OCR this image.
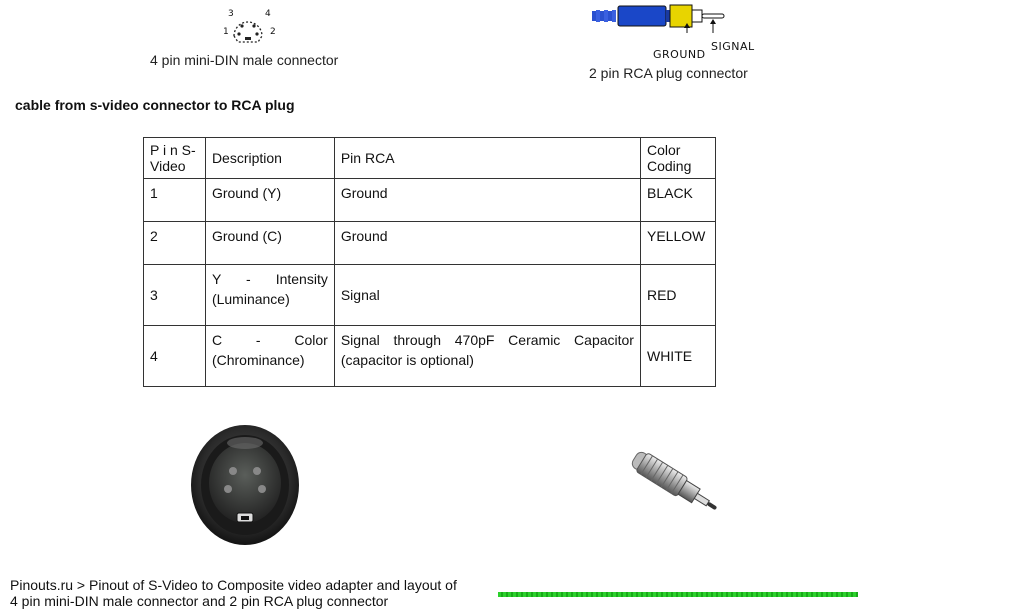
3	4
1	2
4 pin mini-DIN male connector	GROUND
SIGNAL
2 pin RCA plug connector
cable from s-video connector to RCA plug
P i n S-Video	Description	Pin RCA	Color Coding
1	Ground (Y)	Ground	BLACK
2	Ground (C)	Ground	YELLOW
3	Y - Intensity (Luminance)	Signal	RED
4	C - Color (Chrominance)	Signal through 470pF Ceramic Capacitor (capacitor is optional)	WHITE
Pinouts.ru > Pinout of S-Video to Composite video adapter and layout of
4 pin mini-DIN male connector and 2 pin RCA plug connector
